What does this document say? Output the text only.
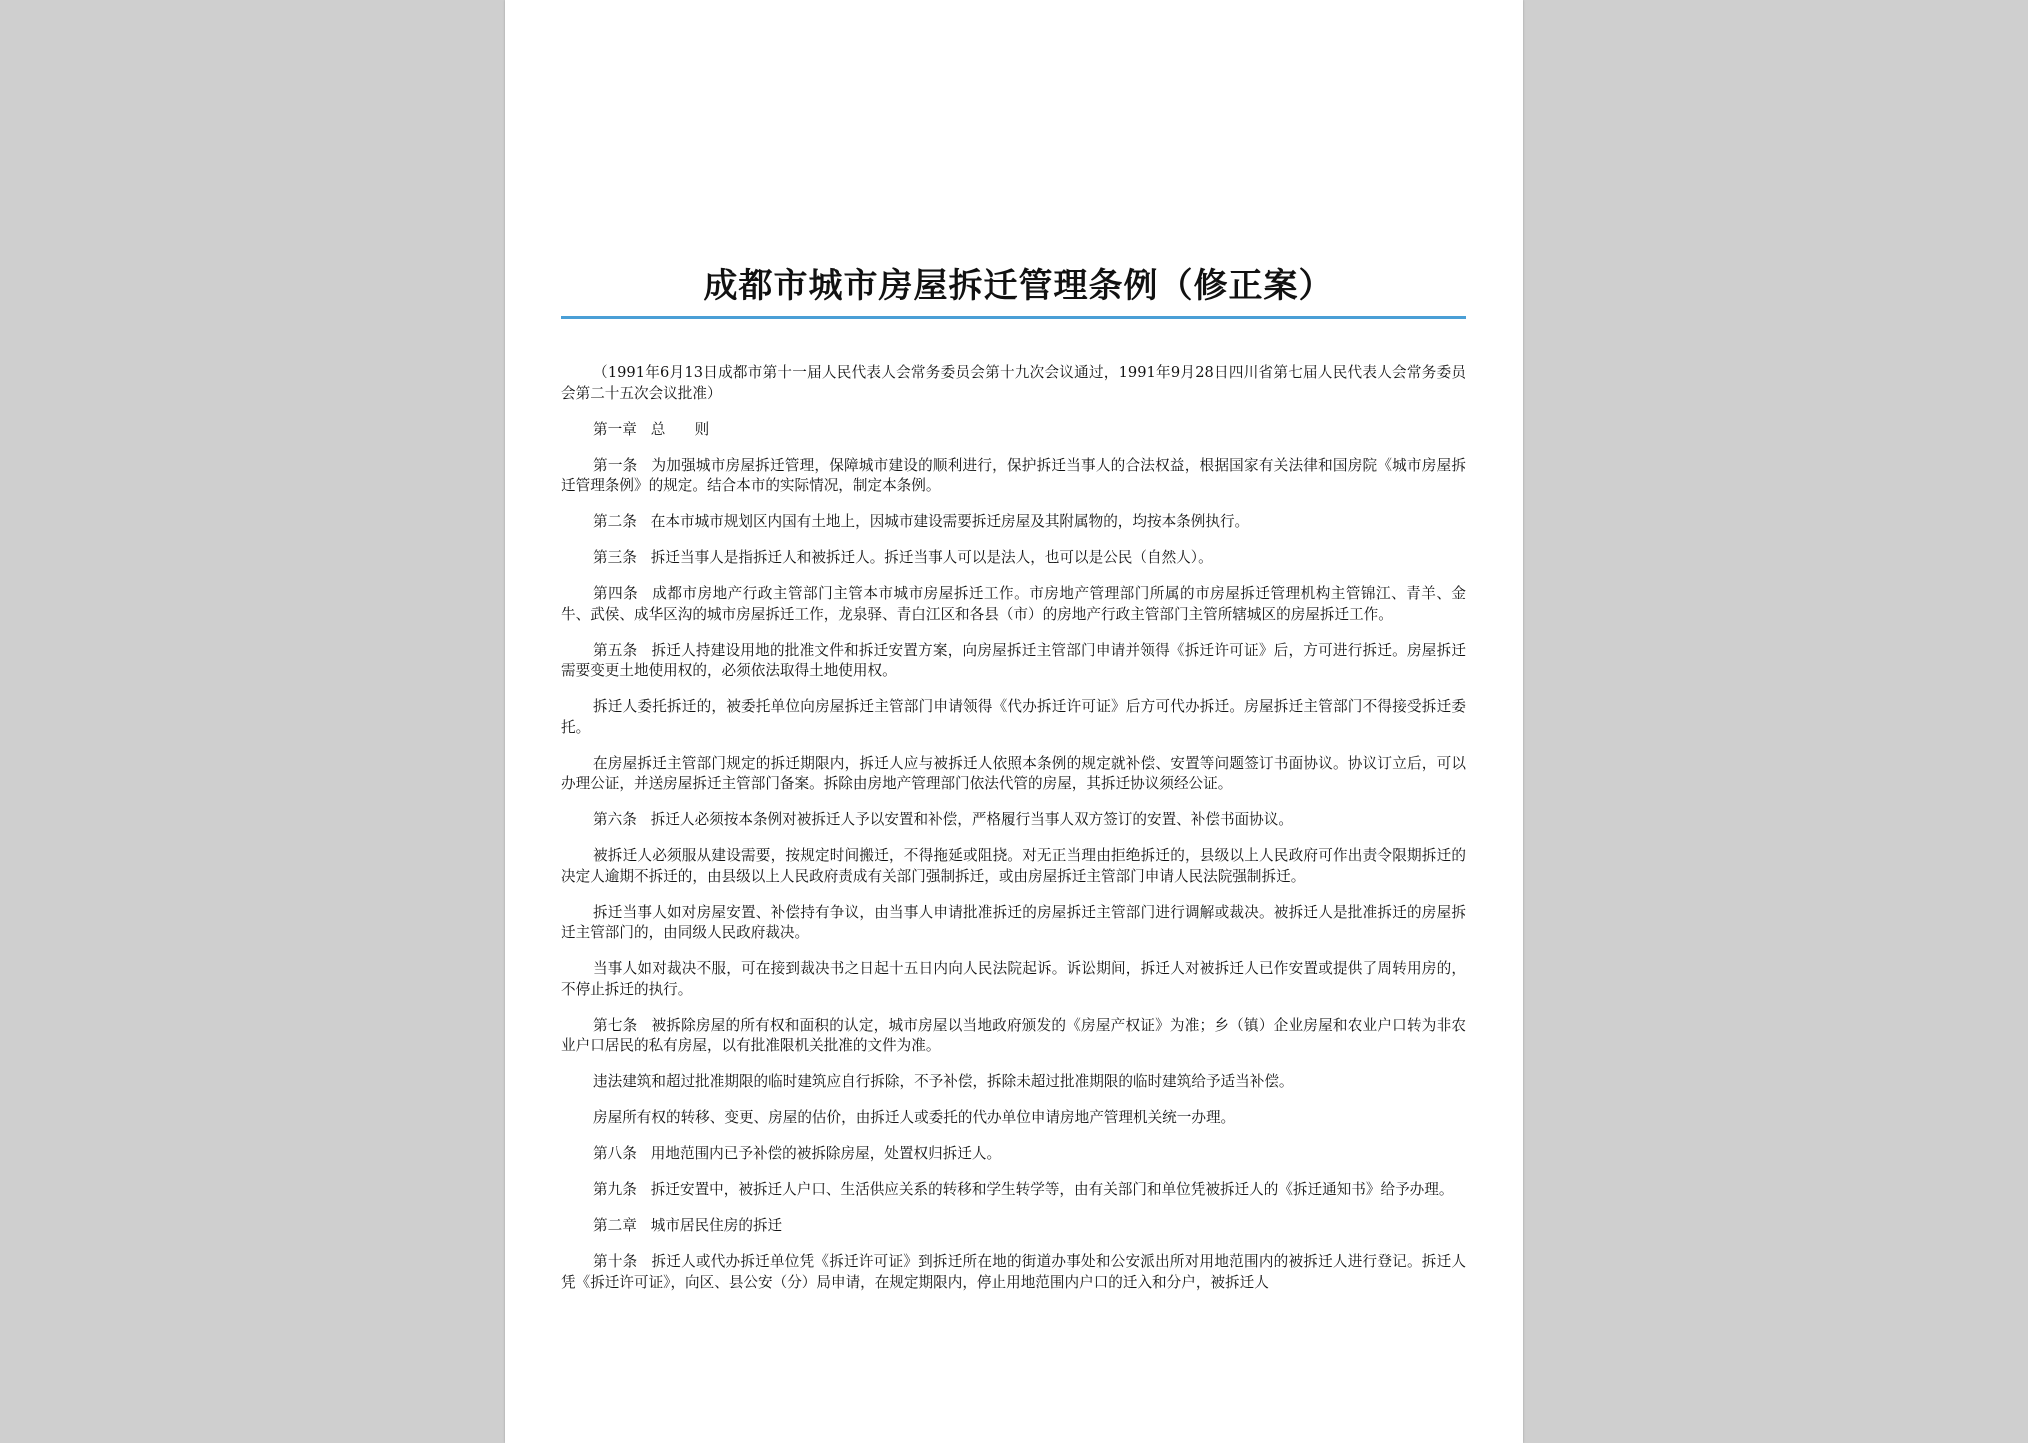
成都市城市房屋拆迁管理条例（修正案）

（1991年6月13日成都市第十一届人民代表人会常务委员会第十九次会议通过，1991年9月28日四川省第七届人民代表人会常务委员会第二十五次会议批准）

第一章 总　　则

第一条 为加强城市房屋拆迁管理，保障城市建设的顺利进行，保护拆迁当事人的合法权益，根据国家有关法律和国房院《城市房屋拆迁管理条例》的规定。结合本市的实际情况，制定本条例。

第二条 在本市城市规划区内国有土地上，因城市建设需要拆迁房屋及其附属物的，均按本条例执行。

第三条 拆迁当事人是指拆迁人和被拆迁人。拆迁当事人可以是法人，也可以是公民（自然人）。

第四条 成都市房地产行政主管部门主管本市城市房屋拆迁工作。市房地产管理部门所属的市房屋拆迁管理机构主管锦江、青羊、金牛、武侯、成华区沟的城市房屋拆迁工作，龙泉驿、青白江区和各县（市）的房地产行政主管部门主管所辖城区的房屋拆迁工作。

第五条 拆迁人持建设用地的批准文件和拆迁安置方案，向房屋拆迁主管部门申请并领得《拆迁许可证》后，方可进行拆迁。房屋拆迁需要变更土地使用权的，必须依法取得土地使用权。

拆迁人委托拆迁的，被委托单位向房屋拆迁主管部门申请领得《代办拆迁许可证》后方可代办拆迁。房屋拆迁主管部门不得接受拆迁委托。

在房屋拆迁主管部门规定的拆迁期限内，拆迁人应与被拆迁人依照本条例的规定就补偿、安置等问题签订书面协议。协议订立后，可以办理公证，并送房屋拆迁主管部门备案。拆除由房地产管理部门依法代管的房屋，其拆迁协议须经公证。

第六条 拆迁人必须按本条例对被拆迁人予以安置和补偿，严格履行当事人双方签订的安置、补偿书面协议。

被拆迁人必须服从建设需要，按规定时间搬迁，不得拖延或阻挠。对无正当理由拒绝拆迁的，县级以上人民政府可作出责令限期拆迁的决定人逾期不拆迁的，由县级以上人民政府责成有关部门强制拆迁，或由房屋拆迁主管部门申请人民法院强制拆迁。

拆迁当事人如对房屋安置、补偿持有争议，由当事人申请批准拆迁的房屋拆迁主管部门进行调解或裁决。被拆迁人是批准拆迁的房屋拆迁主管部门的，由同级人民政府裁决。

当事人如对裁决不服，可在接到裁决书之日起十五日内向人民法院起诉。诉讼期间，拆迁人对被拆迁人已作安置或提供了周转用房的，不停止拆迁的执行。

第七条 被拆除房屋的所有权和面积的认定，城市房屋以当地政府颁发的《房屋产权证》为准；乡（镇）企业房屋和农业户口转为非农业户口居民的私有房屋，以有批准限机关批准的文件为准。

违法建筑和超过批准期限的临时建筑应自行拆除，不予补偿，拆除未超过批准期限的临时建筑给予适当补偿。

房屋所有权的转移、变更、房屋的估价，由拆迁人或委托的代办单位申请房地产管理机关统一办理。

第八条 用地范围内已予补偿的被拆除房屋，处置权归拆迁人。

第九条 拆迁安置中，被拆迁人户口、生活供应关系的转移和学生转学等，由有关部门和单位凭被拆迁人的《拆迁通知书》给予办理。

第二章 城市居民住房的拆迁

第十条 拆迁人或代办拆迁单位凭《拆迁许可证》到拆迁所在地的街道办事处和公安派出所对用地范围内的被拆迁人进行登记。拆迁人凭《拆迁许可证》，向区、县公安（分）局申请，在规定期限内，停止用地范围内户口的迁入和分户，被拆迁人
